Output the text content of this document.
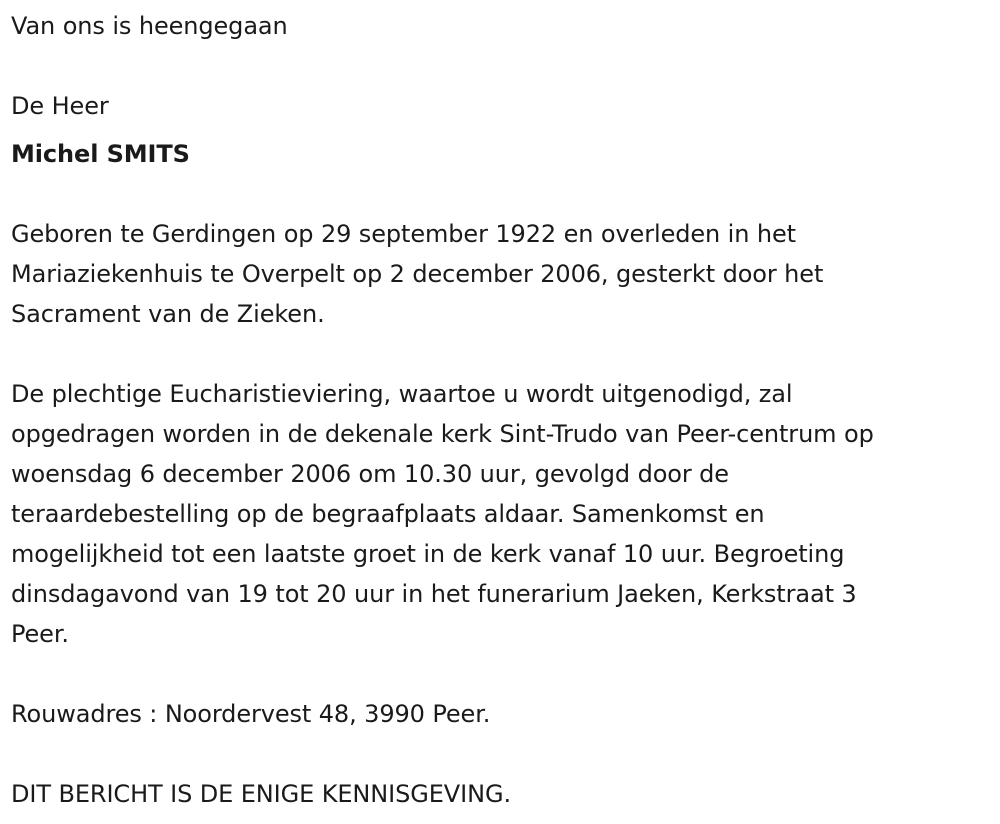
Van ons is heengegaan
De Heer
Michel SMITS
Geboren te Gerdingen op 29 september 1922 en overleden in het
Mariaziekenhuis te Overpelt op 2 december 2006, gesterkt door het
Sacrament van de Zieken.
De plechtige Eucharistieviering, waartoe u wordt uitgenodigd, zal
opgedragen worden in de dekenale kerk Sint-Trudo van Peer-centrum op
woensdag 6 december 2006 om 10.30 uur, gevolgd door de
teraardebestelling op de begraafplaats aldaar. Samenkomst en
mogelijkheid tot een laatste groet in de kerk vanaf 10 uur. Begroeting
dinsdagavond van 19 tot 20 uur in het funerarium Jaeken, Kerkstraat 3
Peer.
Rouwadres : Noordervest 48, 3990 Peer.
DIT BERICHT IS DE ENIGE KENNISGEVING.
